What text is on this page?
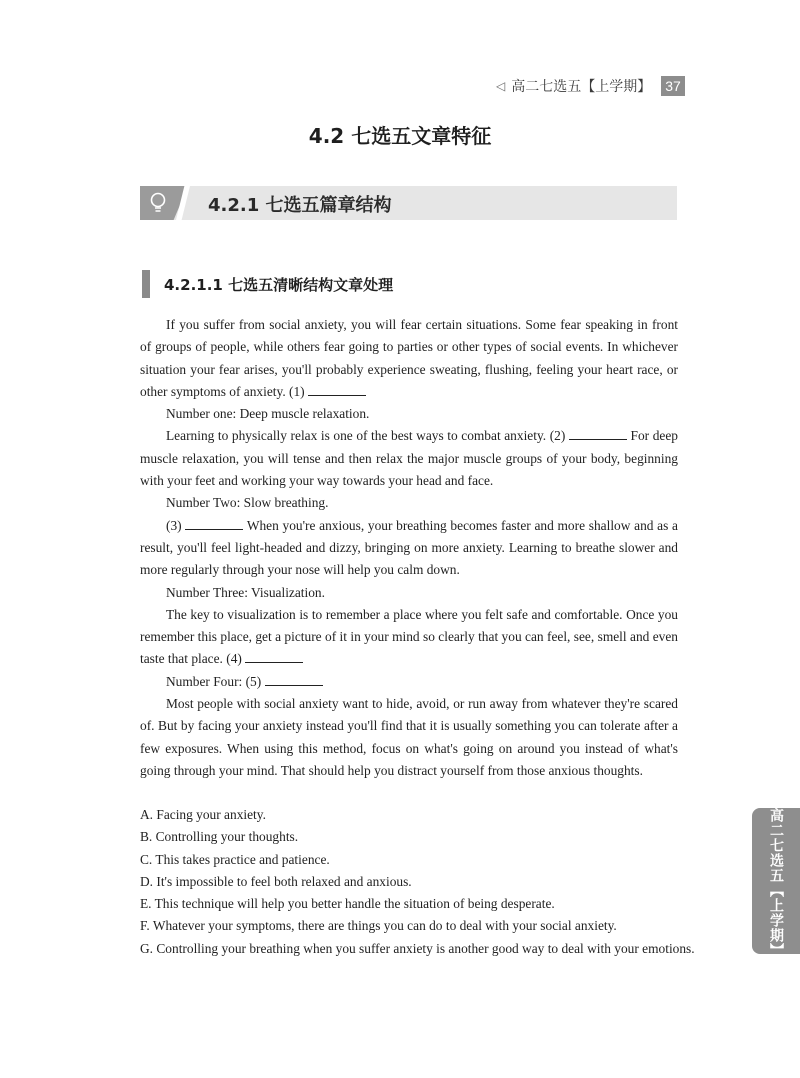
◁ 高二七选五【上学期】 37
4.2 七选五文章特征
4.2.1 七选五篇章结构
4.2.1.1 七选五清晰结构文章处理

If you suffer from social anxiety, you will fear certain situations. Some fear speaking in front of groups of people, while others fear going to parties or other types of social events. In whichever situation your fear arises, you'll probably experience sweating, flushing, feeling your heart race, or other symptoms of anxiety. (1)

Number one: Deep muscle relaxation.

Learning to physically relax is one of the best ways to combat anxiety. (2)	For deep muscle relaxation, you will tense and then relax the major muscle groups of your body, beginning with your feet and working your way towards your head and face.

Number Two: Slow breathing.

(3)	When you're anxious, your breathing becomes faster and more shallow and as a result, you'll feel light-headed and dizzy, bringing on more anxiety. Learning to breathe slower and more regularly through your nose will help you calm down.

Number Three: Visualization.

The key to visualization is to remember a place where you felt safe and comfortable. Once you remember this place, get a picture of it in your mind so clearly that you can feel, see, smell and even taste that place. (4)

Number Four: (5)

Most people with social anxiety want to hide, avoid, or run away from whatever they're scared of. But by facing your anxiety instead you'll find that it is usually something you can tolerate after a few exposures. When using this method, focus on what's going on around you instead of what's going through your mind. That should help you distract yourself from those anxious thoughts.

A. Facing your anxiety.
B. Controlling your thoughts.
C. This takes practice and patience.
D. It's impossible to feel both relaxed and anxious.
E. This technique will help you better handle the situation of being desperate.
F. Whatever your symptoms, there are things you can do to deal with your social anxiety.
G. Controlling your breathing when you suffer anxiety is another good way to deal with your emotions.	高二七选五【上学期】
